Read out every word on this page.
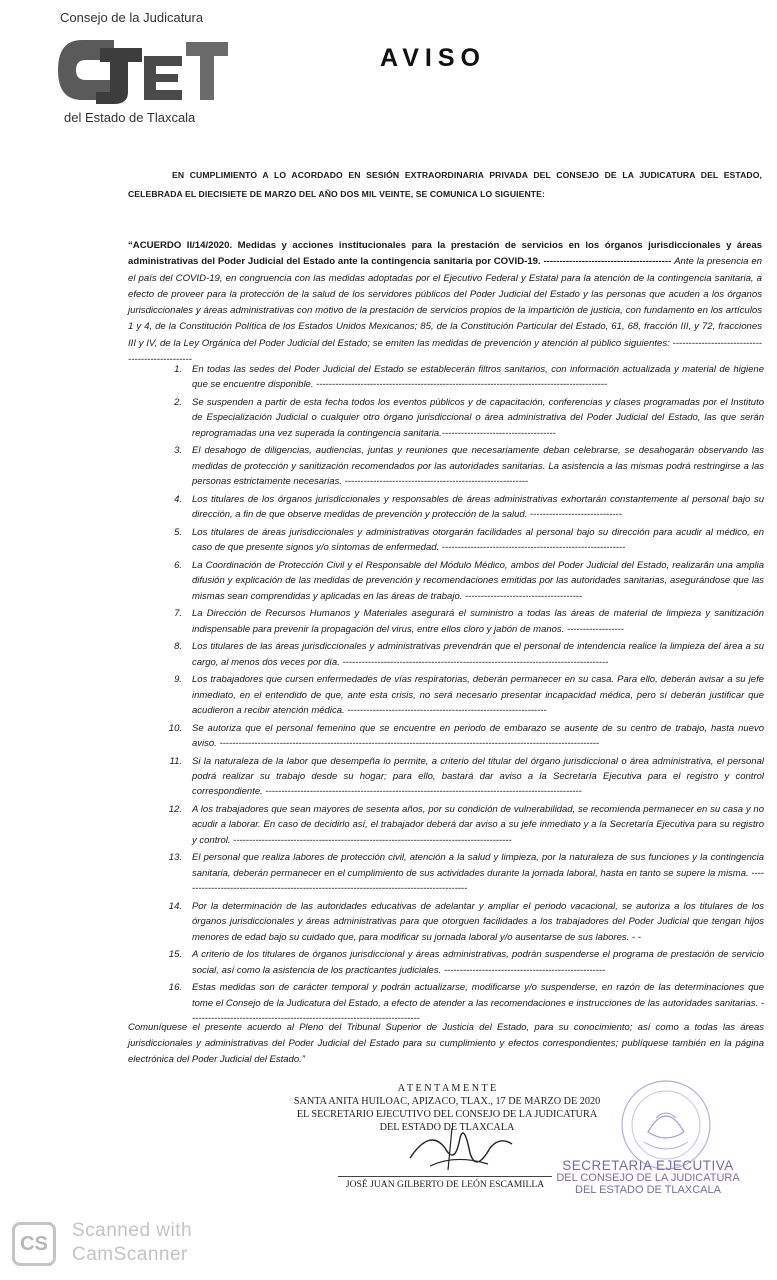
Consejo de la Judicatura
del Estado de Tlaxcala
AVISO
EN CUMPLIMIENTO A LO ACORDADO EN SESIÓN EXTRAORDINARIA PRIVADA DEL CONSEJO DE LA JUDICATURA DEL ESTADO, CELEBRADA EL DIECISIETE DE MARZO DEL AÑO DOS MIL VEINTE, SE COMUNICA LO SIGUIENTE:
“ACUERDO II/14/2020. Medidas y acciones institucionales para la prestación de servicios en los órganos jurisdiccionales y áreas administrativas del Poder Judicial del Estado ante la contingencia sanitaria por COVID-19. ---------------------------------------- Ante la presencia en el país del COVID-19, en congruencia con las medidas adoptadas por el Ejecutivo Federal y Estatal para la atención de la contingencia sanitaria, a efecto de proveer para la protección de la salud de los servidores públicos del Poder Judicial del Estado y las personas que acuden a los órganos jurisdiccionales y áreas administrativas con motivo de la prestación de servicios propios de la impartición de justicia, con fundamento en los artículos 1 y 4, de la Constitución Política de los Estados Unidos Mexicanos; 85, de la Constitución Particular del Estado, 61, 68, fracción III, y 72, fracciones III y IV, de la Ley Orgánica del Poder Judicial del Estado; se emiten las medidas de prevención y atención al público siguientes: ------------------------------------------------
1.	En todas las sedes del Poder Judicial del Estado se establecerán filtros sanitarios, con información actualizada y material de higiene que se encuentre disponible. --------------------------------------------------------------------------------------------
2.	Se suspenden a partir de esta fecha todos los eventos públicos y de capacitación, conferencias y clases programadas por el Instituto de Especialización Judicial o cualquier otro órgano jurisdiccional o área administrativa del Poder Judicial del Estado, las que serán reprogramadas una vez superada la contingencia sanitaria.------------------------------------
3.	El desahogo de diligencias, audiencias, juntas y reuniones que necesariamente deban celebrarse, se desahogarán observando las medidas de protección y sanitización recomendados por las autoridades sanitarias. La asistencia a las mismas podrá restringirse a las personas estrictamente necesarias. ----------------------------------------------------------
4.	Los titulares de los órganos jurisdiccionales y responsables de áreas administrativas exhortarán constantemente al personal bajo su dirección, a fin de que observe medidas de prevención y protección de la salud. -----------------------------
5.	Los titulares de áreas jurisdiccionales y administrativas otorgarán facilidades al personal bajo su dirección para acudir al médico, en caso de que presente signos y/o síntomas de enfermedad. ----------------------------------------------------------
6.	La Coordinación de Protección Civil y el Responsable del Módulo Médico, ambos del Poder Judicial del Estado, realizarán una amplia difusión y explicación de las medidas de prevención y recomendaciones emitidas por las autoridades sanitarias, asegurándose que las mismas sean comprendidas y aplicadas en las áreas de trabajo. -------------------------------------
7.	La Dirección de Recursos Humanos y Materiales asegurará el suministro a todas las áreas de material de limpieza y sanitización indispensable para prevenir la propagación del virus, entre ellos cloro y jabón de manos. ------------------
8.	Los titulares de las áreas jurisdiccionales y administrativas prevendrán que el personal de intendencia realice la limpieza del área a su cargo, al menos dos veces por día. ------------------------------------------------------------------------------------
9.	Los trabajadores que cursen enfermedades de vías respiratorias, deberán permanecer en su casa. Para ello, deberán avisar a su jefe inmediato, en el entendido de que, ante esta crisis, no será necesario presentar incapacidad médica, pero sí deberán justificar que acudieron a recibir atención médica. ---------------------------------------------------------------
10.	Se autoriza que el personal femenino que se encuentre en periodo de embarazo se ausente de su centro de trabajo, hasta nuevo aviso. ------------------------------------------------------------------------------------------------------------------------
11.	Si la naturaleza de la labor que desempeña lo permite, a criterio del titular del órgano jurisdiccional o área administrativa, el personal podrá realizar su trabajo desde su hogar; para ello, bastará dar aviso a la Secretaría Ejecutiva para el registro y control correspondiente. ----------------------------------------------------------------------------------------------------
12.	A los trabajadores que sean mayores de sesenta años, por su condición de vulnerabilidad, se recomienda permanecer en su casa y no acudir a laborar. En caso de decidirlo así, el trabajador deberá dar aviso a su jefe inmediato y a la Secretaría Ejecutiva para su registro y control. ----------------------------------------------------------------------------------------
13.	El personal que realiza labores de protección civil, atención a la salud y limpieza, por la naturaleza de sus funciones y la contingencia sanitaria, deberán permanecer en el cumplimiento de sus actividades durante la jornada laboral, hasta en tanto se supere la misma. -------------------------------------------------------------------------------------------
14.	Por la determinación de las autoridades educativas de adelantar y ampliar el periodo vacacional, se autoriza a los titulares de los órganos jurisdiccionales y áreas administrativas para que otorguen facilidades a los trabajadores del Poder Judicial que tengan hijos menores de edad bajo su cuidado que, para modificar su jornada laboral y/o ausentarse de sus labores. - -
15.	A criterio de los titulares de órganos jurisdiccional y áreas administrativas, podrán suspenderse el programa de prestación de servicio social, así como la asistencia de los practicantes judiciales. ---------------------------------------------------
16.	Estas medidas son de carácter temporal y podrán actualizarse, modificarse y/o suspenderse, en razón de las determinaciones que tome el Consejo de la Judicatura del Estado, a efecto de atender a las recomendaciones e instrucciones de las autoridades sanitarias. -------------------------------------------------------------------------
Comuníquese el presente acuerdo al Pleno del Tribunal Superior de Justicia del Estado, para su conocimiento; así como a todas las áreas jurisdiccionales y administrativas del Poder Judicial del Estado para su cumplimiento y efectos correspondientes; publíquese también en la página electrónica del Poder Judicial del Estado.”
A T E N T A M E N T E
SANTA ANITA HUILOAC, APIZACO, TLAX., 17 DE MARZO DE 2020
EL SECRETARIO EJECUTIVO DEL CONSEJO DE LA JUDICATURA
DEL ESTADO DE TLAXCALA
JOSÉ JUAN GILBERTO DE LEÓN ESCAMILLA
SECRETARIA EJECUTIVA
DEL CONSEJO DE LA JUDICATURA
DEL ESTADO DE TLAXCALA
CS
Scanned with
CamScanner
